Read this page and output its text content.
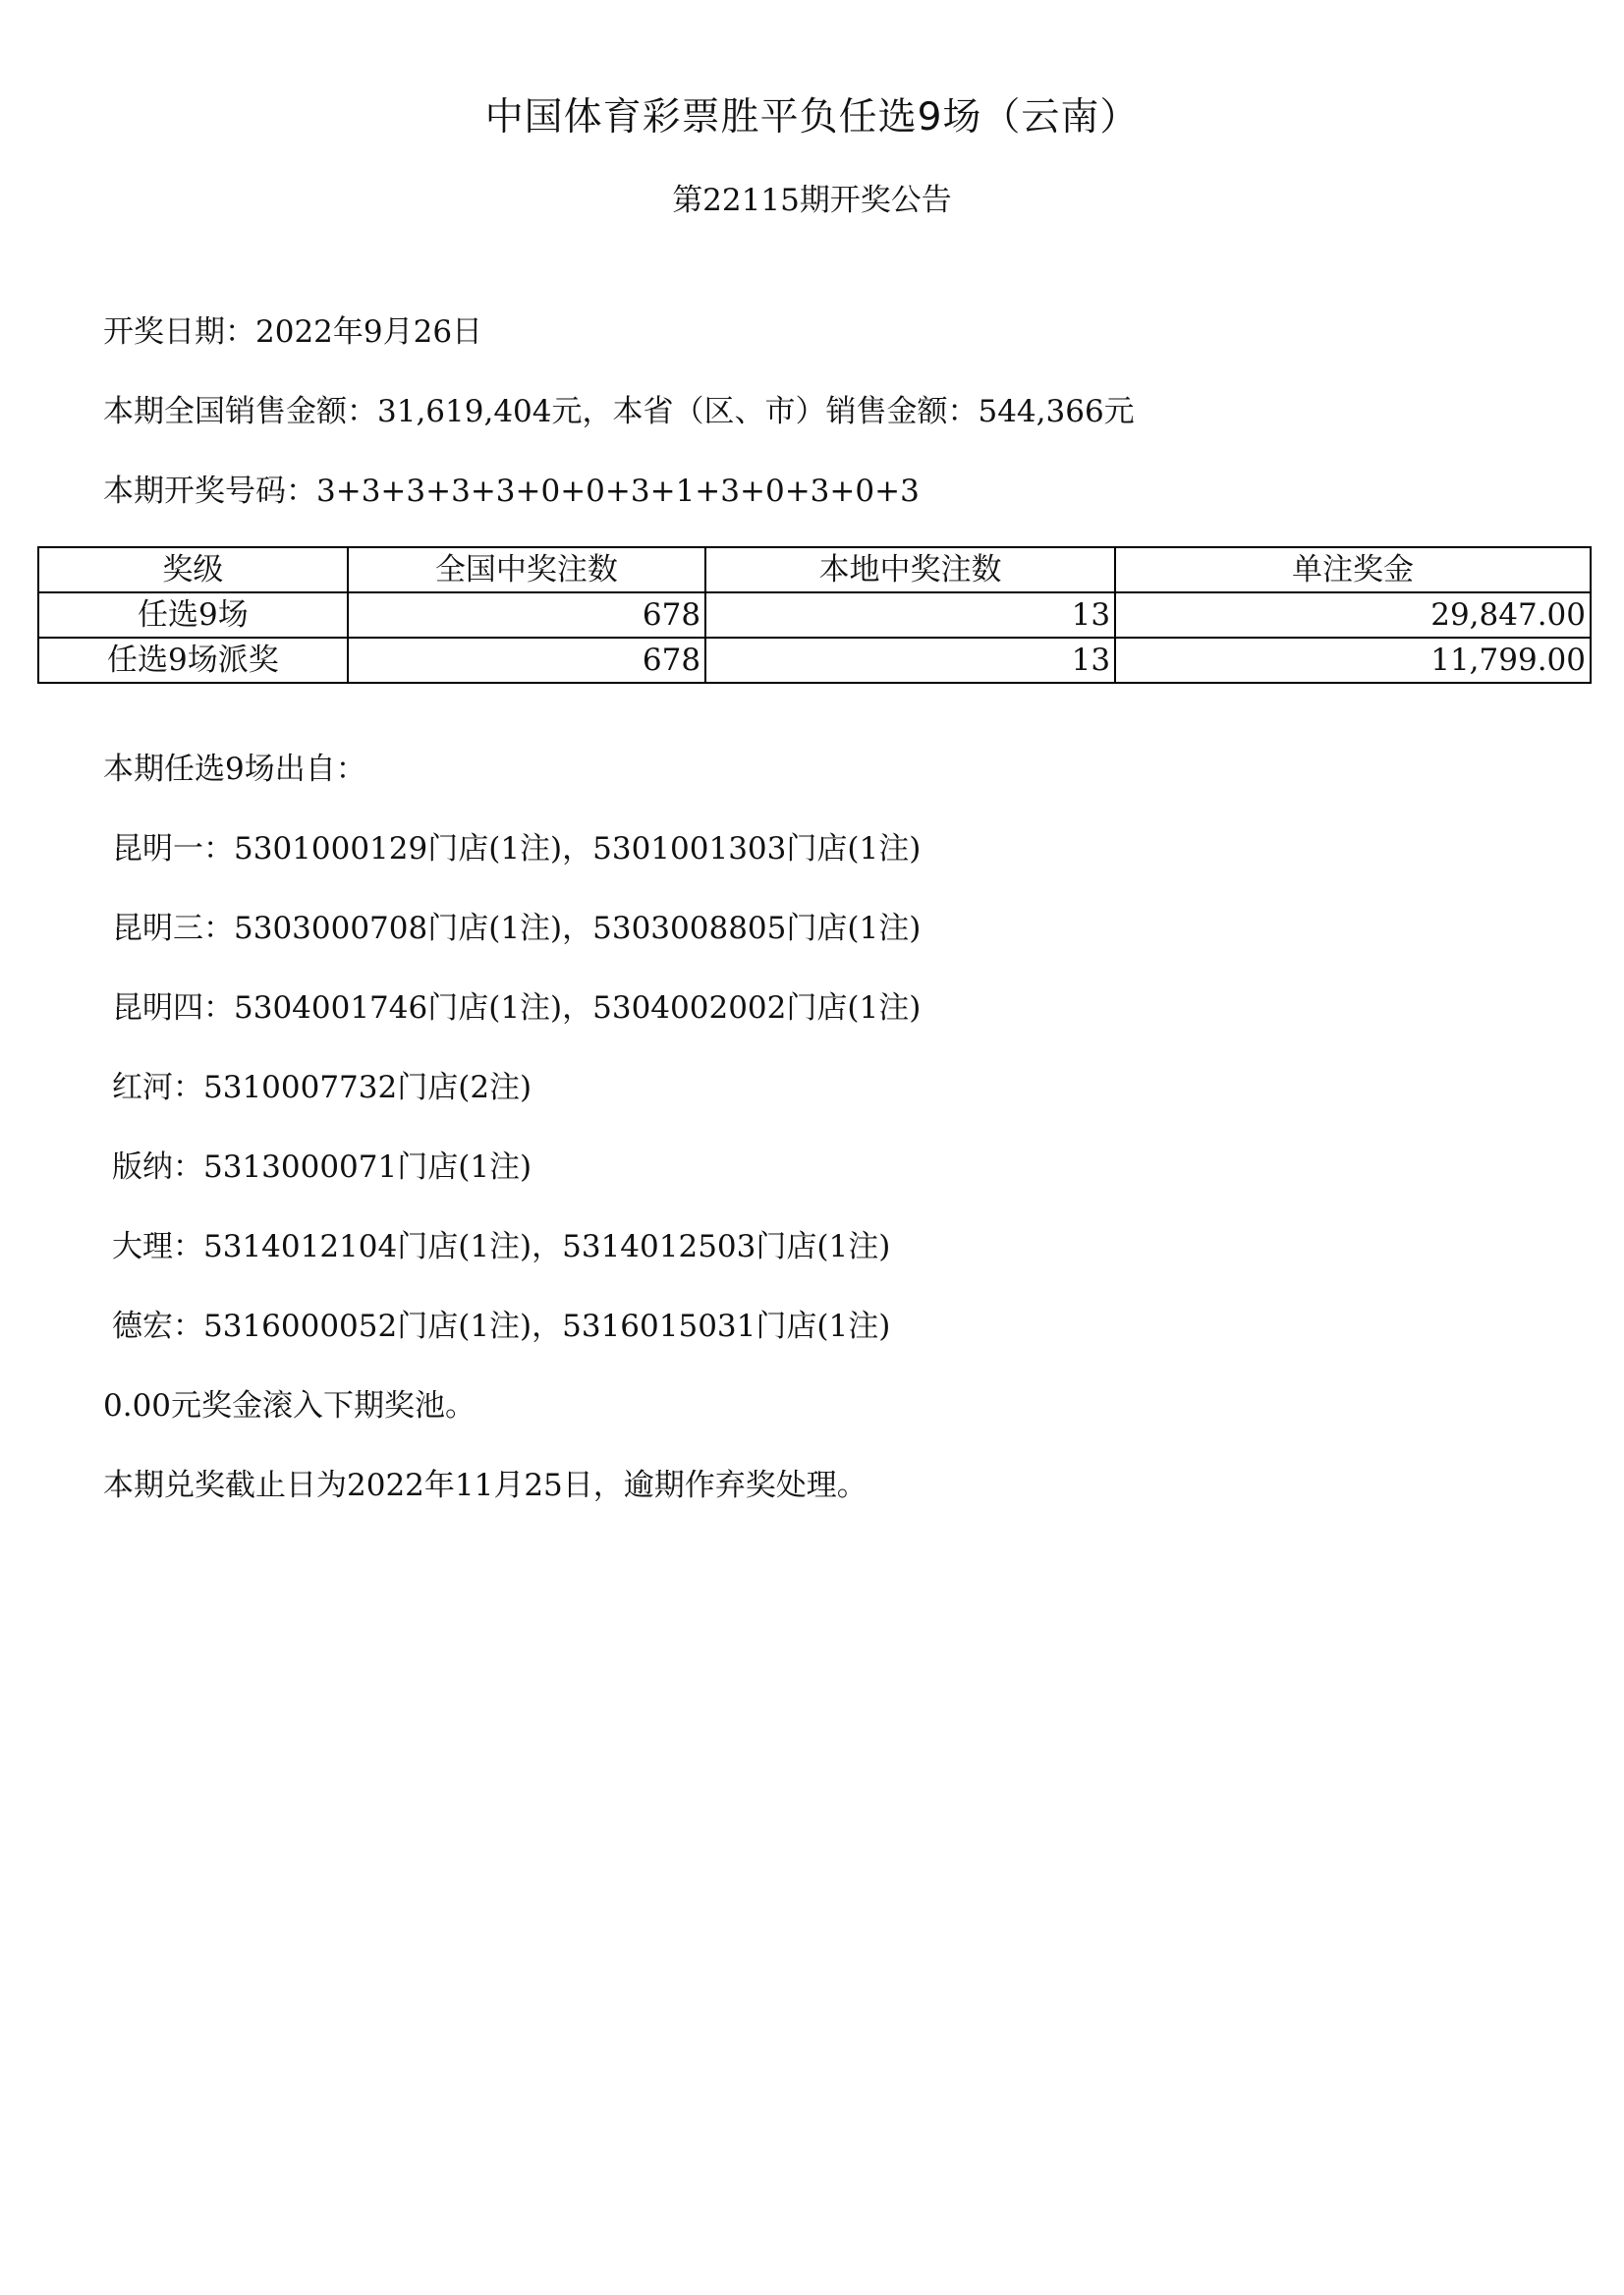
中国体育彩票胜平负任选9场（云南）
第22115期开奖公告
开奖日期：2022年9月26日
本期全国销售金额：31,619,404元，本省（区、市）销售金额：544,366元
本期开奖号码：3+3+3+3+3+0+0+3+1+3+0+3+0+3
奖级	全国中奖注数	本地中奖注数	单注奖金
任选9场	678	13	29,847.00
任选9场派奖	678	13	11,799.00
本期任选9场出自：
昆明一：5301000129门店(1注)，5301001303门店(1注)
昆明三：5303000708门店(1注)，5303008805门店(1注)
昆明四：5304001746门店(1注)，5304002002门店(1注)
红河：5310007732门店(2注)
版纳：5313000071门店(1注)
大理：5314012104门店(1注)，5314012503门店(1注)
德宏：5316000052门店(1注)，5316015031门店(1注)
0.00元奖金滚入下期奖池。
本期兑奖截止日为2022年11月25日，逾期作弃奖处理。
